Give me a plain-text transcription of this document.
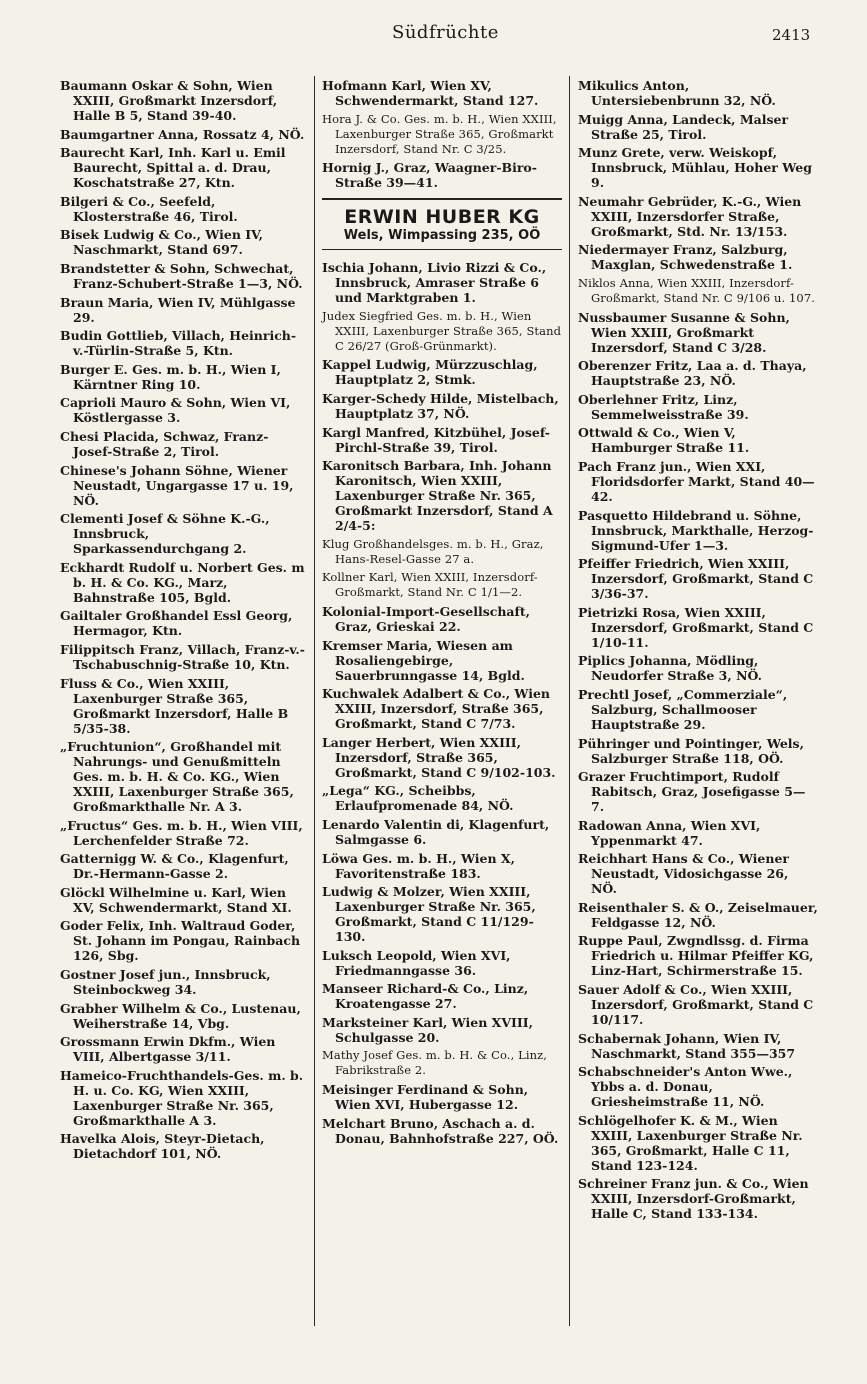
Südfrüchte	2413
Baumann Oskar & Sohn, Wien XXIII, Großmarkt Inzersdorf, Halle B 5, Stand 39-40.
Baumgartner Anna, Rossatz 4, NÖ.
Baurecht Karl, Inh. Karl u. Emil Baurecht, Spittal a. d. Drau, Koschatstraße 27, Ktn.
Bilgeri & Co., Seefeld, Klosterstraße 46, Tirol.
Bisek Ludwig & Co., Wien IV, Naschmarkt, Stand 697.
Brandstetter & Sohn, Schwechat, Franz-Schubert-Straße 1—3, NÖ.
Braun Maria, Wien IV, Mühlgasse 29.
Budin Gottlieb, Villach, Heinrich-v.-Türlin-Straße 5, Ktn.
Burger E. Ges. m. b. H., Wien I, Kärntner Ring 10.
Caprioli Mauro & Sohn, Wien VI, Köstlergasse 3.
Chesi Placida, Schwaz, Franz-Josef-Straße 2, Tirol.
Chinese's Johann Söhne, Wiener Neustadt, Ungargasse 17 u. 19, NÖ.
Clementi Josef & Söhne K.-G., Innsbruck, Sparkassendurchgang 2.
Eckhardt Rudolf u. Norbert Ges. m b. H. & Co. KG., Marz, Bahnstraße 105, Bgld.
Gailtaler Großhandel Essl Georg, Hermagor, Ktn.
Filippitsch Franz, Villach, Franz-v.-Tschabuschnig-Straße 10, Ktn.
Fluss & Co., Wien XXIII, Laxenburger Straße 365, Großmarkt Inzersdorf, Halle B 5/35-38.
„Fruchtunion“, Großhandel mit Nahrungs- und Genußmitteln Ges. m. b. H. & Co. KG., Wien XXIII, Laxenburger Straße 365, Großmarkthalle Nr. A 3.
„Fructus“ Ges. m. b. H., Wien VIII, Lerchenfelder Straße 72.
Gatternigg W. & Co., Klagenfurt, Dr.-Hermann-Gasse 2.
Glöckl Wilhelmine u. Karl, Wien XV, Schwendermarkt, Stand XI.
Goder Felix, Inh. Waltraud Goder, St. Johann im Pongau, Rainbach 126, Sbg.
Gostner Josef jun., Innsbruck, Steinbockweg 34.
Grabher Wilhelm & Co., Lustenau, Weiherstraße 14, Vbg.
Grossmann Erwin Dkfm., Wien VIII, Albertgasse 3/11.
Hameico-Fruchthandels-Ges. m. b. H. u. Co. KG, Wien XXIII, Laxenburger Straße Nr. 365, Großmarkthalle A 3.
Havelka Alois, Steyr-Dietach, Dietachdorf 101, NÖ.
Hofmann Karl, Wien XV, Schwendermarkt, Stand 127.
Hora J. & Co. Ges. m. b. H., Wien XXIII, Laxenburger Straße 365, Großmarkt Inzersdorf, Stand Nr. C 3/25.
Hornig J., Graz, Waagner-Biro-Straße 39—41.
ERWIN HUBER KG
Wels, Wimpassing 235, OÖ
Ischia Johann, Livio Rizzi & Co., Innsbruck, Amraser Straße 6 und Marktgraben 1.
Judex Siegfried Ges. m. b. H., Wien XXIII, Laxenburger Straße 365, Stand C 26/27 (Groß-Grünmarkt).
Kappel Ludwig, Mürzzuschlag, Hauptplatz 2, Stmk.
Karger-Schedy Hilde, Mistelbach, Hauptplatz 37, NÖ.
Kargl Manfred, Kitzbühel, Josef-Pirchl-Straße 39, Tirol.
Karonitsch Barbara, Inh. Johann Karonitsch, Wien XXIII, Laxenburger Straße Nr. 365, Großmarkt Inzersdorf, Stand A 2/4-5:
Klug Großhandelsges. m. b. H., Graz, Hans-Resel-Gasse 27 a.
Kollner Karl, Wien XXIII, Inzersdorf-Großmarkt, Stand Nr. C 1/1—2.
Kolonial-Import-Gesellschaft, Graz, Grieskai 22.
Kremser Maria, Wiesen am Rosaliengebirge, Sauerbrunngasse 14, Bgld.
Kuchwalek Adalbert & Co., Wien XXIII, Inzersdorf, Straße 365, Großmarkt, Stand C 7/73.
Langer Herbert, Wien XXIII, Inzersdorf, Straße 365, Großmarkt, Stand C 9/102-103.
„Lega“ KG., Scheibbs, Erlaufpromenade 84, NÖ.
Lenardo Valentin di, Klagenfurt, Salmgasse 6.
Löwa Ges. m. b. H., Wien X, Favoritenstraße 183.
Ludwig & Molzer, Wien XXIII, Laxenburger Straße Nr. 365, Großmarkt, Stand C 11/129-130.
Luksch Leopold, Wien XVI, Friedmanngasse 36.
Manseer Richard-& Co., Linz, Kroatengasse 27.
Marksteiner Karl, Wien XVIII, Schulgasse 20.
Mathy Josef Ges. m. b. H. & Co., Linz, Fabrikstraße 2.
Meisinger Ferdinand & Sohn, Wien XVI, Hubergasse 12.
Melchart Bruno, Aschach a. d. Donau, Bahnhofstraße 227, OÖ.
Mikulics Anton, Untersiebenbrunn 32, NÖ.
Muigg Anna, Landeck, Malser Straße 25, Tirol.
Munz Grete, verw. Weiskopf, Innsbruck, Mühlau, Hoher Weg 9.
Neumahr Gebrüder, K.-G., Wien XXIII, Inzersdorfer Straße, Großmarkt, Std. Nr. 13/153.
Niedermayer Franz, Salzburg, Maxglan, Schwedenstraße 1.
Niklos Anna, Wien XXIII, Inzersdorf-Großmarkt, Stand Nr. C 9/106 u. 107.
Nussbaumer Susanne & Sohn, Wien XXIII, Großmarkt Inzersdorf, Stand C 3/28.
Oberenzer Fritz, Laa a. d. Thaya, Hauptstraße 23, NÖ.
Oberlehner Fritz, Linz, Semmelweisstraße 39.
Ottwald & Co., Wien V, Hamburger Straße 11.
Pach Franz jun., Wien XXI, Floridsdorfer Markt, Stand 40—42.
Pasquetto Hildebrand u. Söhne, Innsbruck, Markthalle, Herzog-Sigmund-Ufer 1—3.
Pfeiffer Friedrich, Wien XXIII, Inzersdorf, Großmarkt, Stand C 3/36-37.
Pietrizki Rosa, Wien XXIII, Inzersdorf, Großmarkt, Stand C 1/10-11.
Piplics Johanna, Mödling, Neudorfer Straße 3, NÖ.
Prechtl Josef, „Commerziale“, Salzburg, Schallmooser Hauptstraße 29.
Pühringer und Pointinger, Wels, Salzburger Straße 118, OÖ.
Grazer Fruchtimport, Rudolf Rabitsch, Graz, Josefigasse 5—7.
Radowan Anna, Wien XVI, Yppenmarkt 47.
Reichhart Hans & Co., Wiener Neustadt, Vidosichgasse 26, NÖ.
Reisenthaler S. & O., Zeiselmauer, Feldgasse 12, NÖ.
Ruppe Paul, Zwgndlssg. d. Firma Friedrich u. Hilmar Pfeiffer KG, Linz-Hart, Schirmerstraße 15.
Sauer Adolf & Co., Wien XXIII, Inzersdorf, Großmarkt, Stand C 10/117.
Schabernak Johann, Wien IV, Naschmarkt, Stand 355—357
Schabschneider's Anton Wwe., Ybbs a. d. Donau, Griesheimstraße 11, NÖ.
Schlögelhofer K. & M., Wien XXIII, Laxenburger Straße Nr. 365, Großmarkt, Halle C 11, Stand 123-124.
Schreiner Franz jun. & Co., Wien XXIII, Inzersdorf-Großmarkt, Halle C, Stand 133-134.
